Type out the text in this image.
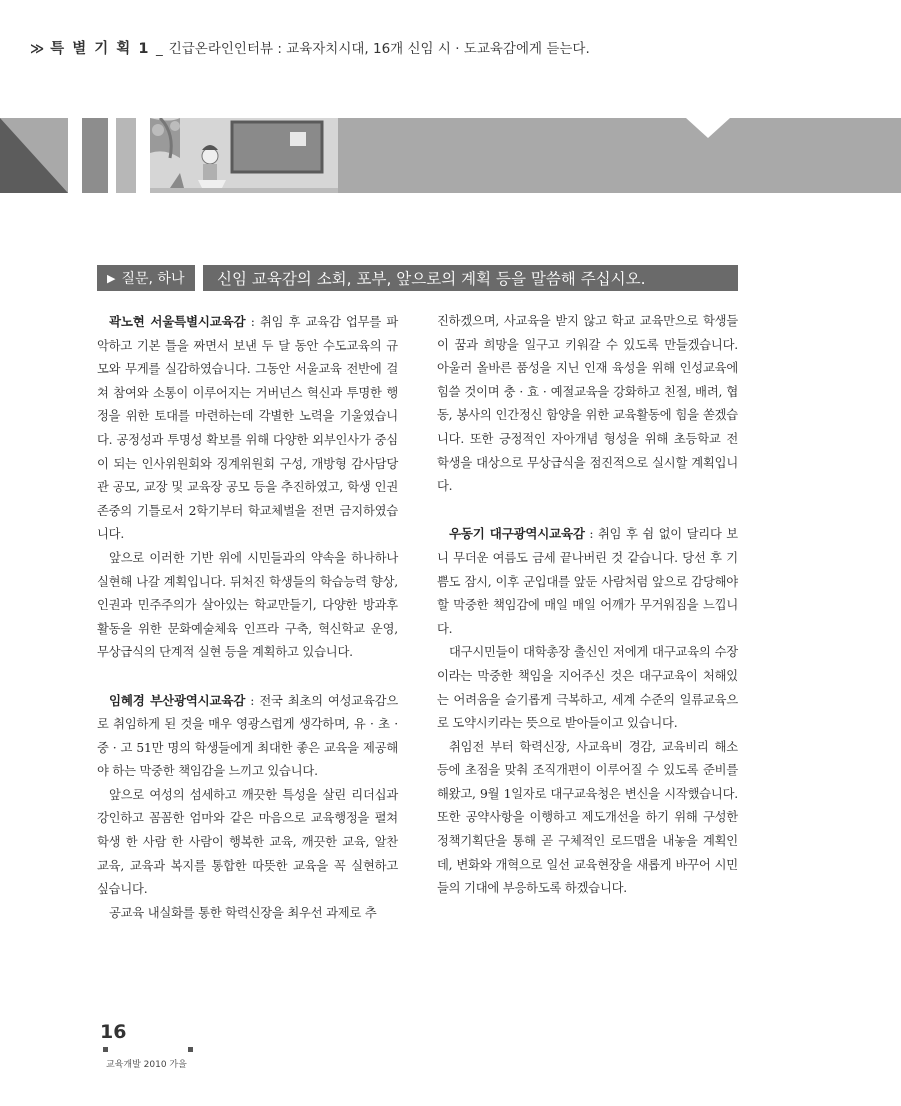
≫ 특 별 기 획 1 _ 긴급온라인인터뷰 : 교육자치시대, 16개 신임 시 · 도교육감에게 듣는다.
▶ 질문, 하나 신임 교육감의 소회, 포부, 앞으로의 계획 등을 말씀해 주십시오.

곽노현 서울특별시교육감 : 취임 후 교육감 업무를 파악하고 기본 틀을 짜면서 보낸 두 달 동안 수도교육의 규모와 무게를 실감하였습니다. 그동안 서울교육 전반에 걸쳐 참여와 소통이 이루어지는 거버넌스 혁신과 투명한 행정을 위한 토대를 마련하는데 각별한 노력을 기울였습니다. 공정성과 투명성 확보를 위해 다양한 외부인사가 중심이 되는 인사위원회와 징계위원회 구성, 개방형 감사담당관 공모, 교장 및 교육장 공모 등을 추진하였고, 학생 인권존중의 기틀로서 2학기부터 학교체벌을 전면 금지하였습니다.

앞으로 이러한 기반 위에 시민들과의 약속을 하나하나 실현해 나갈 계획입니다. 뒤처진 학생들의 학습능력 향상, 인권과 민주주의가 살아있는 학교만들기, 다양한 방과후활동을 위한 문화예술체육 인프라 구축, 혁신학교 운영, 무상급식의 단계적 실현 등을 계획하고 있습니다.

임혜경 부산광역시교육감 : 전국 최초의 여성교육감으로 취임하게 된 것을 매우 영광스럽게 생각하며, 유 · 초 · 중 · 고 51만 명의 학생들에게 최대한 좋은 교육을 제공해야 하는 막중한 책임감을 느끼고 있습니다.

앞으로 여성의 섬세하고 깨끗한 특성을 살린 리더십과 강인하고 꼼꼼한 엄마와 같은 마음으로 교육행정을 펼쳐 학생 한 사람 한 사람이 행복한 교육, 깨끗한 교육, 알찬 교육, 교육과 복지를 통합한 따뜻한 교육을 꼭 실현하고 싶습니다.

공교육 내실화를 통한 학력신장을 최우선 과제로 추

진하겠으며, 사교육을 받지 않고 학교 교육만으로 학생들이 꿈과 희망을 일구고 키워갈 수 있도록 만들겠습니다. 아울러 올바른 품성을 지닌 인재 육성을 위해 인성교육에 힘쓸 것이며 충 · 효 · 예절교육을 강화하고 친절, 배려, 협동, 봉사의 인간정신 함양을 위한 교육활동에 힘을 쏟겠습니다. 또한 긍정적인 자아개념 형성을 위해 초등학교 전 학생을 대상으로 무상급식을 점진적으로 실시할 계획입니다.

우동기 대구광역시교육감 : 취임 후 쉼 없이 달리다 보니 무더운 여름도 금세 끝나버린 것 같습니다. 당선 후 기쁨도 잠시, 이후 군입대를 앞둔 사람처럼 앞으로 감당해야 할 막중한 책임감에 매일 매일 어깨가 무거워짐을 느낍니다.

대구시민들이 대학총장 출신인 저에게 대구교육의 수장이라는 막중한 책임을 지어주신 것은 대구교육이 처해있는 어려움을 슬기롭게 극복하고, 세계 수준의 일류교육으로 도약시키라는 뜻으로 받아들이고 있습니다.

취임전 부터 학력신장, 사교육비 경감, 교육비리 해소 등에 초점을 맞춰 조직개편이 이루어질 수 있도록 준비를 해왔고, 9월 1일자로 대구교육청은 변신을 시작했습니다. 또한 공약사항을 이행하고 제도개선을 하기 위해 구성한 정책기획단을 통해 곧 구체적인 로드맵을 내놓을 계획인데, 변화와 개혁으로 일선 교육현장을 새롭게 바꾸어 시민들의 기대에 부응하도록 하겠습니다.

16
교육개발 2010 가을
